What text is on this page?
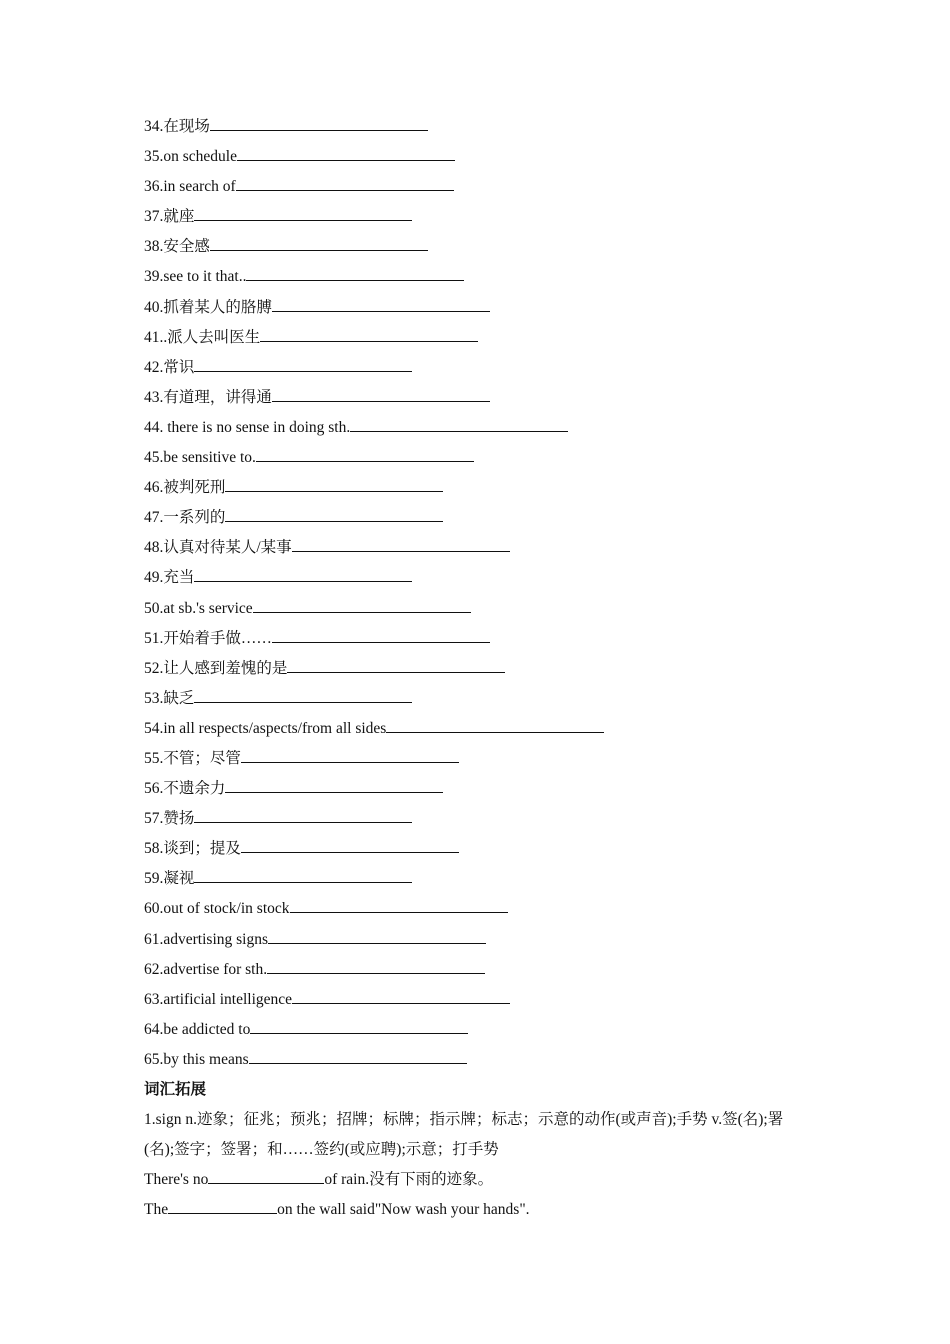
34.在现场
35.on schedule
36.in search of
37.就座
38.安全感
39.see to it that..
40.抓着某人的胳膊
41..派人去叫医生
42.常识
43.有道理，讲得通
44. there is no sense in doing sth.
45.be sensitive to.
46.被判死刑
47.一系列的
48.认真对待某人/某事
49.充当
50.at sb.'s service
51.开始着手做……
52.让人感到羞愧的是
53.缺乏
54.in all respects/aspects/from all sides
55.不管；尽管
56.不遗余力
57.赞扬
58.谈到；提及
59.凝视
60.out of stock/in stock
61.advertising signs
62.advertise for sth.
63.artificial intelligence
64.be addicted to
65.by this means
词汇拓展
1.sign n.迹象；征兆；预兆；招牌；标牌；指示牌；标志；示意的动作(或声音);手势 v.签(名);署(名);签字；签署；和……签约(或应聘);示意；打手势
There's no	of rain.没有下雨的迹象。
The	on the wall said"Now wash your hands".
